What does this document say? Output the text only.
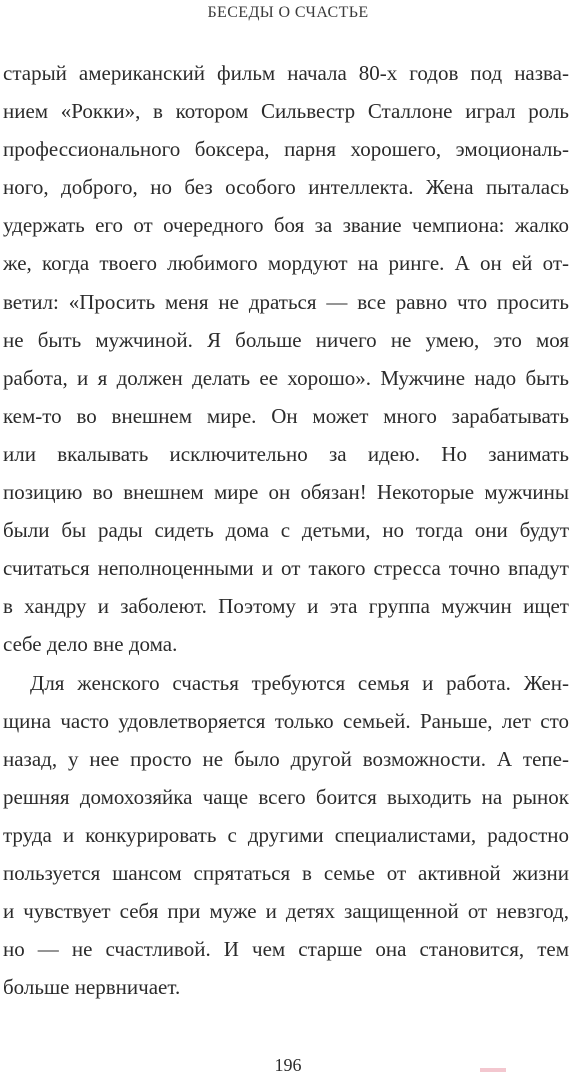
БЕСЕДЫ О СЧАСТЬЕ
старый американский фильм начала 80-х годов под назва-
нием «Рокки», в котором Сильвестр Сталлоне играл роль
профессионального боксера, парня хорошего, эмоциональ-
ного, доброго, но без особого интеллекта. Жена пыталась
удержать его от очередного боя за звание чемпиона: жалко
же, когда твоего любимого мордуют на ринге. А он ей от-
ветил: «Просить меня не драться — все равно что просить
не быть мужчиной. Я больше ничего не умею, это моя
работа, и я должен делать ее хорошо». Мужчине надо быть
кем-то во внешнем мире. Он может много зарабатывать
или вкалывать исключительно за идею. Но занимать
позицию во внешнем мире он обязан! Некоторые мужчины
были бы рады сидеть дома с детьми, но тогда они будут
считаться неполноценными и от такого стресса точно впадут
в хандру и заболеют. Поэтому и эта группа мужчин ищет
себе дело вне дома.
Для женского счастья требуются семья и работа. Жен-
щина часто удовлетворяется только семьей. Раньше, лет сто
назад, у нее просто не было другой возможности. А тепе-
решняя домохозяйка чаще всего боится выходить на рынок
труда и конкурировать с другими специалистами, радостно
пользуется шансом спрятаться в семье от активной жизни
и чувствует себя при муже и детях защищенной от невзгод,
но — не счастливой. И чем старше она становится, тем
больше нервничает.
196
